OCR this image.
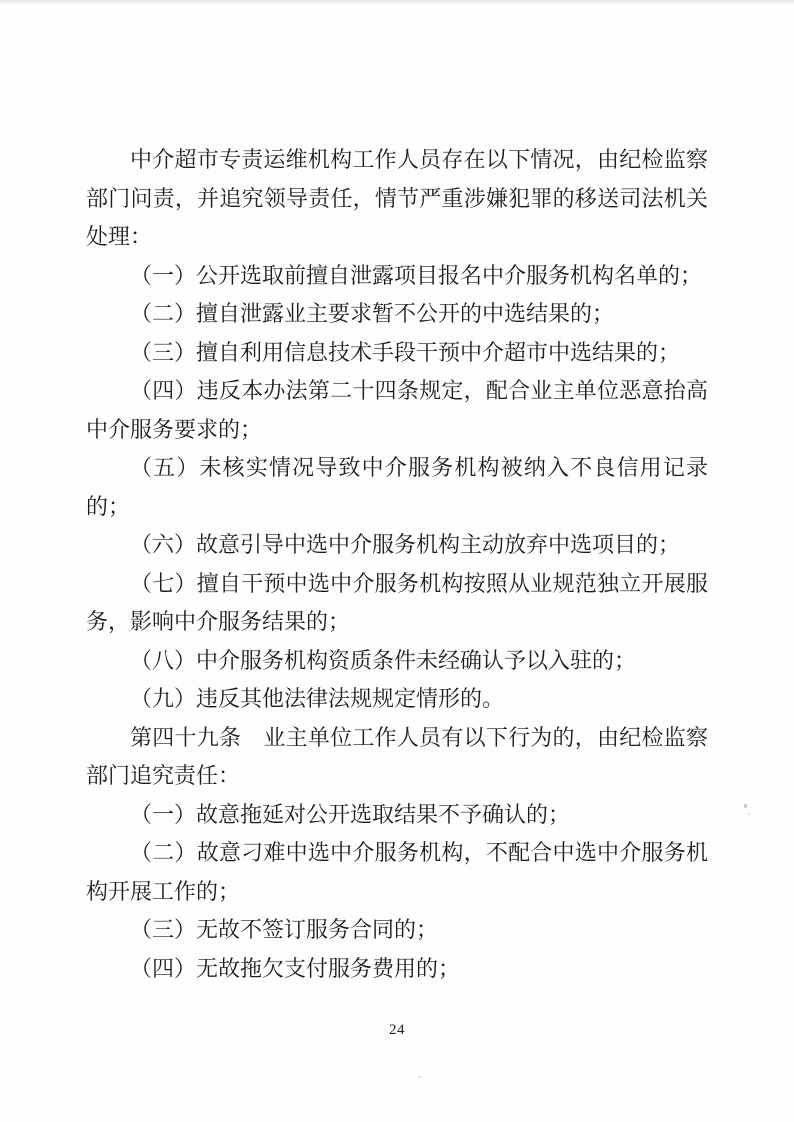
中介超市专责运维机构工作人员存在以下情况，由纪检监察部门问责，并追究领导责任，情节严重涉嫌犯罪的移送司法机关处理：

（一）公开选取前擅自泄露项目报名中介服务机构名单的；

（二）擅自泄露业主要求暂不公开的中选结果的；

（三）擅自利用信息技术手段干预中介超市中选结果的；

（四）违反本办法第二十四条规定，配合业主单位恶意抬高中介服务要求的；

（五）未核实情况导致中介服务机构被纳入不良信用记录的；

（六）故意引导中选中介服务机构主动放弃中选项目的；

（七）擅自干预中选中介服务机构按照从业规范独立开展服务，影响中介服务结果的；

（八）中介服务机构资质条件未经确认予以入驻的；

（九）违反其他法律法规规定情形的。

第四十九条　业主单位工作人员有以下行为的，由纪检监察部门追究责任：

（一）故意拖延对公开选取结果不予确认的；

（二）故意刁难中选中介服务机构，不配合中选中介服务机构开展工作的；

（三）无故不签订服务合同的；

（四）无故拖欠支付服务费用的；

24
